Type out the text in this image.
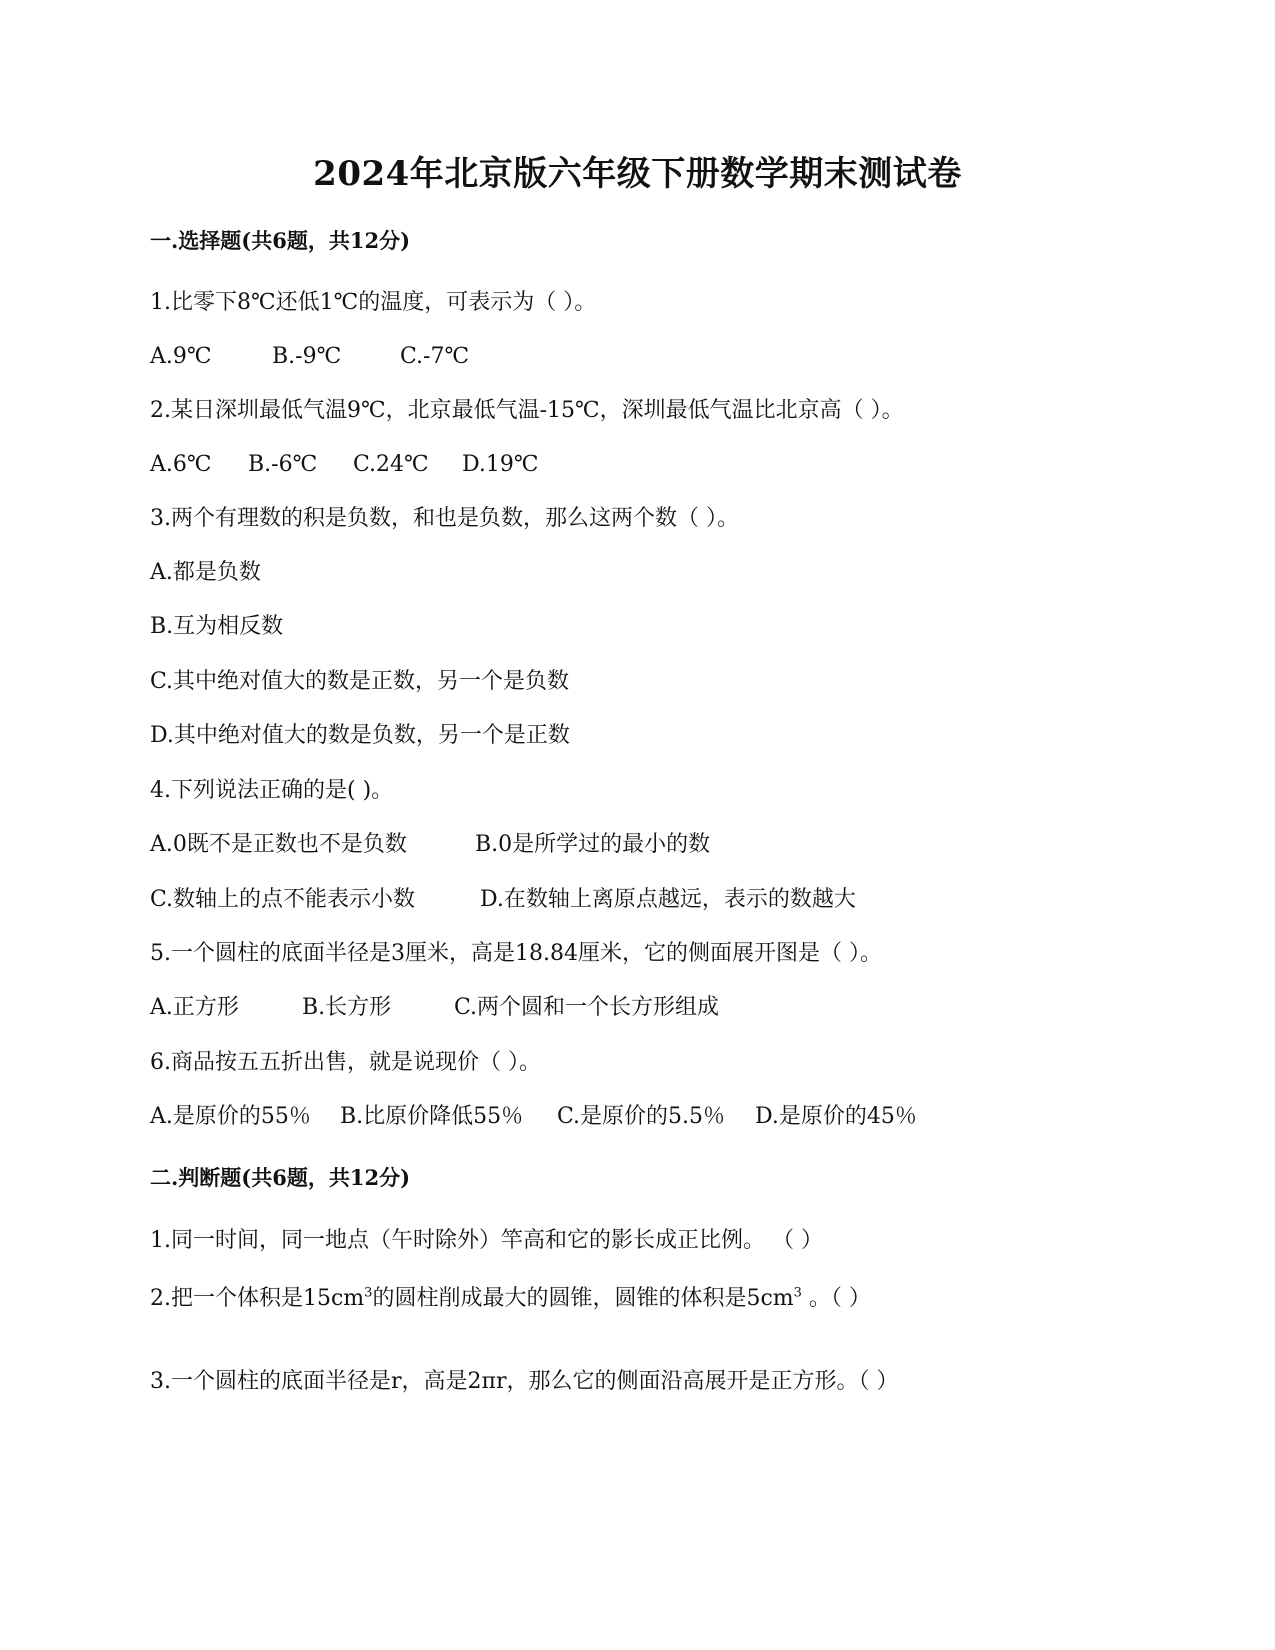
2024年北京版六年级下册数学期末测试卷
一.选择题(共6题，共12分)
1.比零下8℃还低1℃的温度，可表示为（ ）。
A.9℃	B.-9℃	C.-7℃
2.某日深圳最低气温9℃，北京最低气温-15℃，深圳最低气温比北京高（ ）。
A.6℃ B.-6℃ C.24℃ D.19℃
3.两个有理数的积是负数，和也是负数，那么这两个数（ ）。
A.都是负数
B.互为相反数
C.其中绝对值大的数是正数，另一个是负数
D.其中绝对值大的数是负数，另一个是正数
4.下列说法正确的是( )。
A.0既不是正数也不是负数	B.0是所学过的最小的数
C.数轴上的点不能表示小数	D.在数轴上离原点越远，表示的数越大
5.一个圆柱的底面半径是3厘米，高是18.84厘米，它的侧面展开图是（ ）。
A.正方形	B.长方形	C.两个圆和一个长方形组成
6.商品按五五折出售，就是说现价（ ）。
A.是原价的55％ B.比原价降低55％ C.是原价的5.5％ D.是原价的45％
二.判断题(共6题，共12分)
1.同一时间，同一地点（午时除外）竿高和它的影长成正比例。 （ ）
2.把一个体积是$15cm^3$的圆柱削成最大的圆锥，圆锥的体积是$5cm^3$ 。（ ）
3.一个圆柱的底面半径是r，高是2πr，那么它的侧面沿高展开是正方形。（ ）
